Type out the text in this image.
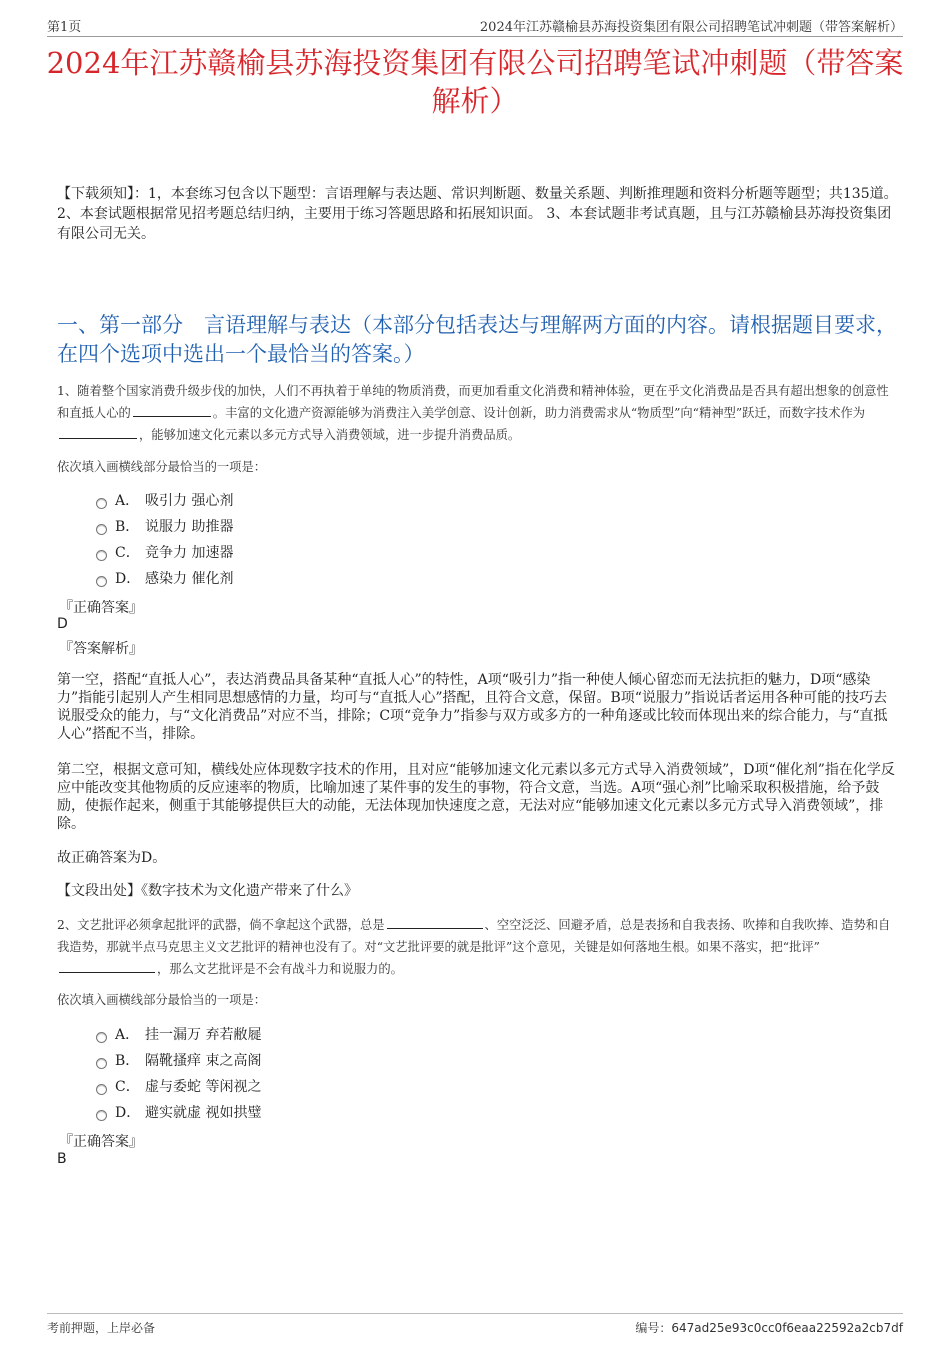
第1页	2024年江苏赣榆县苏海投资集团有限公司招聘笔试冲刺题（带答案解析）
2024年江苏赣榆县苏海投资集团有限公司招聘笔试冲刺题（带答案解析）

【下载须知】：1，本套练习包含以下题型：言语理解与表达题、常识判断题、数量关系题、判断推理题和资料分析题等题型；共135道。 2、本套试题根据常见招考题总结归纳，主要用于练习答题思路和拓展知识面。 3、本套试题非考试真题，且与江苏赣榆县苏海投资集团有限公司无关。

一、第一部分　言语理解与表达（本部分包括表达与理解两方面的内容。请根据题目要求，在四个选项中选出一个最恰当的答案。）

1、随着整个国家消费升级步伐的加快，人们不再执着于单纯的物质消费，而更加看重文化消费和精神体验，更在乎文化消费品是否具有超出想象的创意性和直抵人心的	。丰富的文化遗产资源能够为消费注入美学创意、设计创新，助力消费需求从“物质型”向“精神型”跃迁，而数字技术作为，能够加速文化元素以多元方式导入消费领域，进一步提升消费品质。

依次填入画横线部分最恰当的一项是：

A． 吸引力 强心剂
B． 说服力 助推器
C． 竞争力 加速器
D． 感染力 催化剂

『正确答案』

D

『答案解析』

第一空，搭配“直抵人心”，表达消费品具备某种“直抵人心”的特性，A项“吸引力”指一种使人倾心留恋而无法抗拒的魅力，D项“感染力”指能引起别人产生相同思想感情的力量，均可与“直抵人心”搭配，且符合文意，保留。B项“说服力”指说话者运用各种可能的技巧去说服受众的能力，与“文化消费品”对应不当，排除；C项“竞争力”指参与双方或多方的一种角逐或比较而体现出来的综合能力，与“直抵人心”搭配不当，排除。

第二空，根据文意可知，横线处应体现数字技术的作用，且对应“能够加速文化元素以多元方式导入消费领域”，D项“催化剂”指在化学反应中能改变其他物质的反应速率的物质，比喻加速了某件事的发生的事物，符合文意，当选。A项“强心剂”比喻采取积极措施，给予鼓励，使振作起来，侧重于其能够提供巨大的动能，无法体现加快速度之意，无法对应“能够加速文化元素以多元方式导入消费领域”，排除。

故正确答案为D。

【文段出处】《数字技术为文化遗产带来了什么》

2、文艺批评必须拿起批评的武器，倘不拿起这个武器，总是	、空空泛泛、回避矛盾，总是表扬和自我表扬、吹捧和自我吹捧、造势和自我造势，那就半点马克思主义文艺批评的精神也没有了。对“文艺批评要的就是批评”这个意见，关键是如何落地生根。如果不落实，把“批评”，那么文艺批评是不会有战斗力和说服力的。

依次填入画横线部分最恰当的一项是：

A． 挂一漏万 弃若敝屣
B． 隔靴搔痒 束之高阁
C． 虚与委蛇 等闲视之
D． 避实就虚 视如拱璧

『正确答案』

B

考前押题，上岸必备	编号：647ad25e93c0cc0f6eaa22592a2cb7df
